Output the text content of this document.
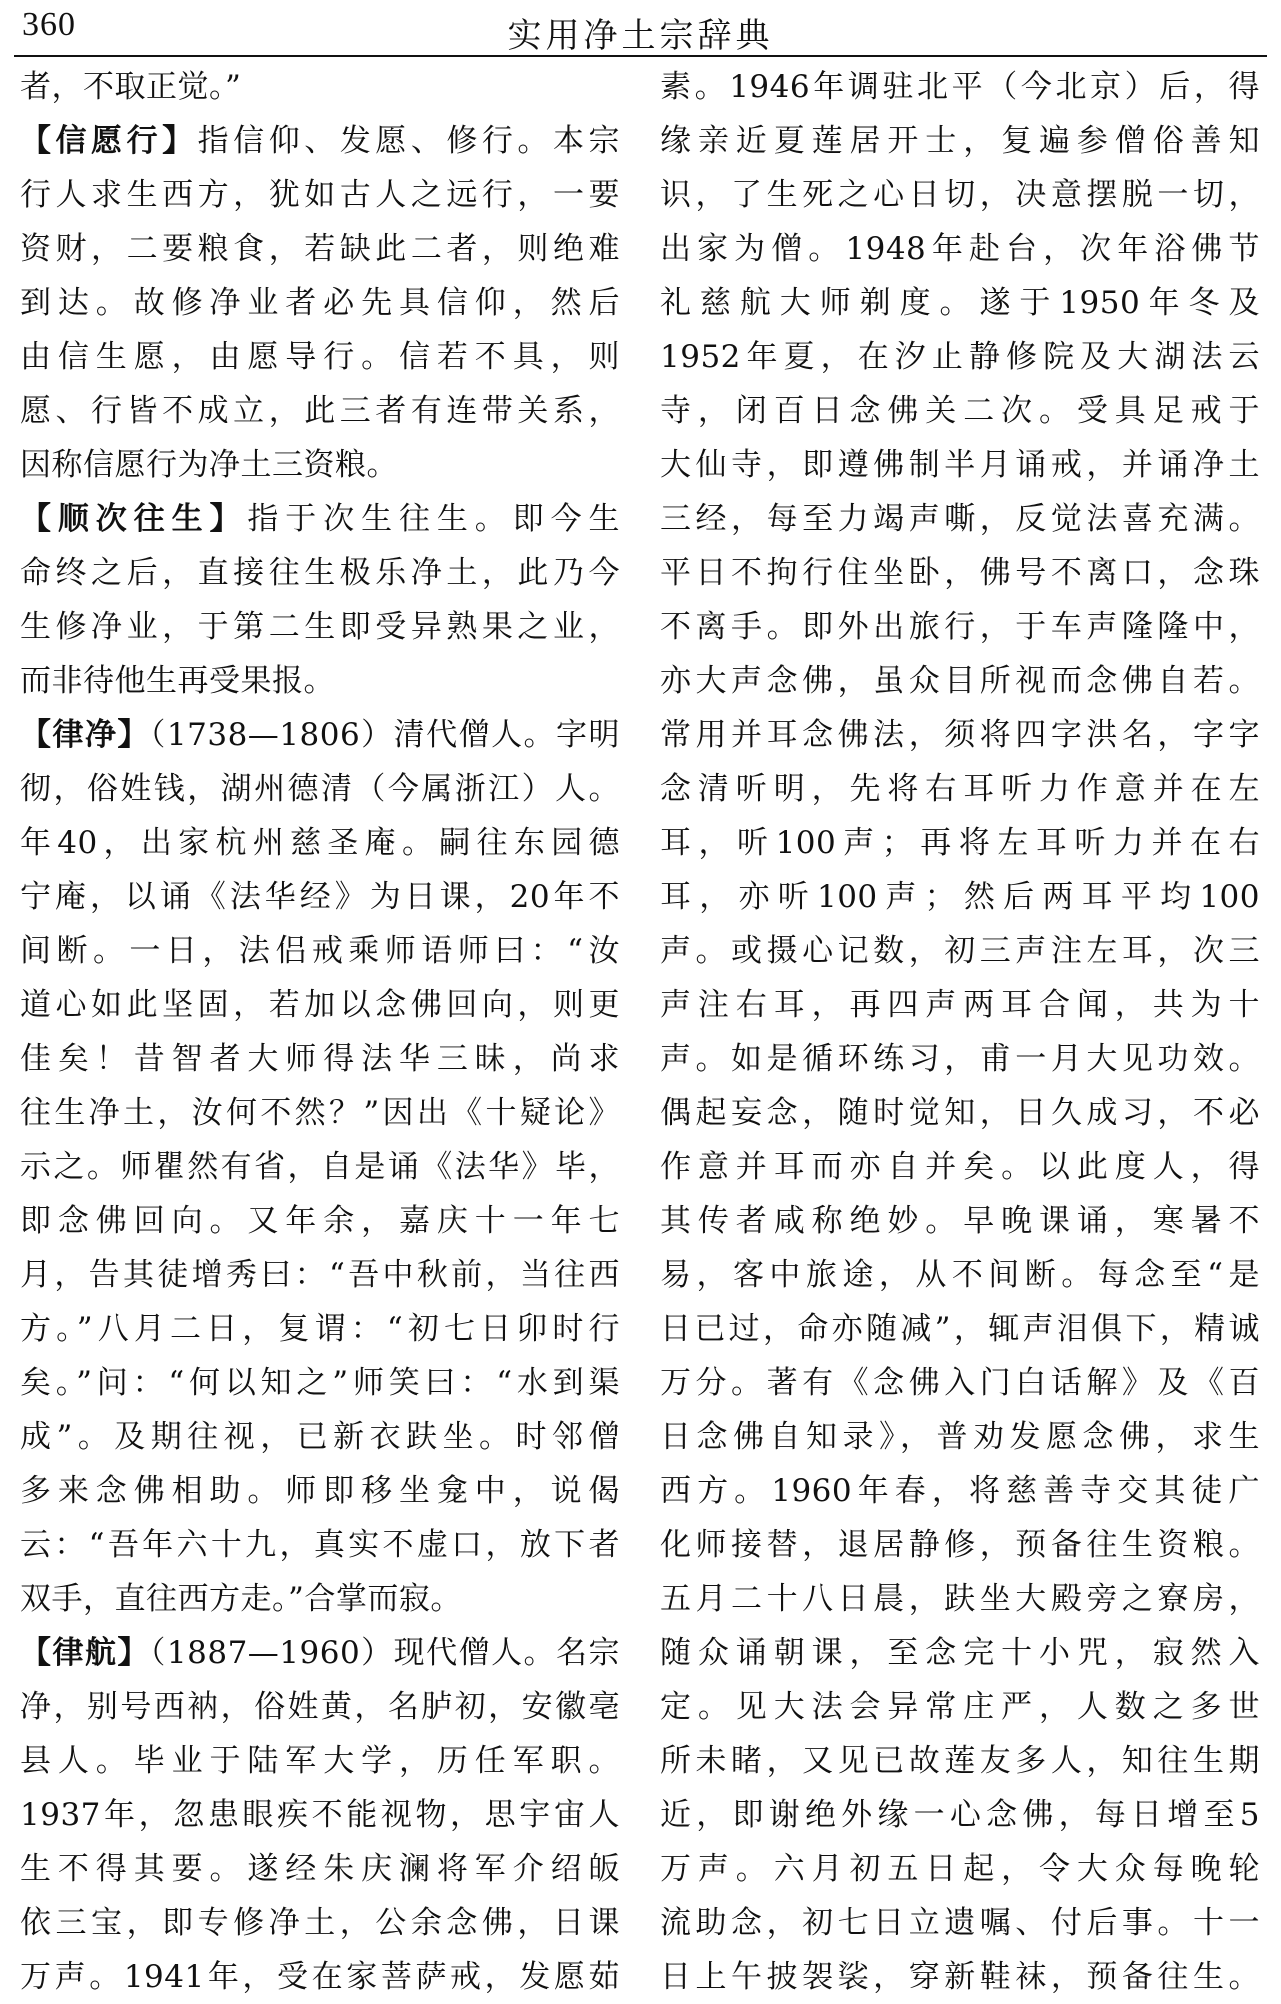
360	实用净土宗辞典
者，不取正觉。”
【信愿行】指信仰、发愿、修行。本宗
行人求生西方，犹如古人之远行，一要
资财，二要粮食，若缺此二者，则绝难
到达。故修净业者必先具信仰，然后
由信生愿，由愿导行。信若不具，则
愿、行皆不成立，此三者有连带关系，
因称信愿行为净土三资粮。
【顺次往生】指于次生往生。即今生
命终之后，直接往生极乐净土，此乃今
生修净业，于第二生即受异熟果之业，
而非待他生再受果报。
【律净】（1738—1806）清代僧人。字明
彻，俗姓钱，湖州德清（今属浙江）人。
年40，出家杭州慈圣庵。嗣往东园德
宁庵，以诵《法华经》为日课，20年不
间断。一日，法侣戒乘师语师曰：“汝
道心如此坚固，若加以念佛回向，则更
佳矣！昔智者大师得法华三昧，尚求
往生净土，汝何不然？”因出《十疑论》
示之。师瞿然有省，自是诵《法华》毕，
即念佛回向。又年余，嘉庆十一年七
月，告其徒增秀曰：“吾中秋前，当往西
方。”八月二日，复谓：“初七日卯时行
矣。”问：“何以知之”师笑曰：“水到渠
成”。及期往视，已新衣趺坐。时邻僧
多来念佛相助。师即移坐龛中，说偈
云：“吾年六十九，真实不虚口，放下者
双手，直往西方走。”合掌而寂。
【律航】（1887—1960）现代僧人。名宗
净，别号西衲，俗姓黄，名胪初，安徽亳
县人。毕业于陆军大学，历任军职。
1937年，忽患眼疾不能视物，思宇宙人
生不得其要。遂经朱庆澜将军介绍皈
依三宝，即专修净土，公余念佛，日课
万声。1941年，受在家菩萨戒，发愿茹
素。1946年调驻北平（今北京）后，得
缘亲近夏莲居开士，复遍参僧俗善知
识，了生死之心日切，决意摆脱一切，
出家为僧。1948年赴台，次年浴佛节
礼慈航大师剃度。遂于1950年冬及
1952年夏，在汐止静修院及大湖法云
寺，闭百日念佛关二次。受具足戒于
大仙寺，即遵佛制半月诵戒，并诵净土
三经，每至力竭声嘶，反觉法喜充满。
平日不拘行住坐卧，佛号不离口，念珠
不离手。即外出旅行，于车声隆隆中，
亦大声念佛，虽众目所视而念佛自若。
常用并耳念佛法，须将四字洪名，字字
念清听明，先将右耳听力作意并在左
耳，听100声；再将左耳听力并在右
耳，亦听100声；然后两耳平均100
声。或摄心记数，初三声注左耳，次三
声注右耳，再四声两耳合闻，共为十
声。如是循环练习，甫一月大见功效。
偶起妄念，随时觉知，日久成习，不必
作意并耳而亦自并矣。以此度人，得
其传者咸称绝妙。早晚课诵，寒暑不
易，客中旅途，从不间断。每念至“是
日已过，命亦随减”，辄声泪俱下，精诚
万分。著有《念佛入门白话解》及《百
日念佛自知录》，普劝发愿念佛，求生
西方。1960年春，将慈善寺交其徒广
化师接替，退居静修，预备往生资粮。
五月二十八日晨，趺坐大殿旁之寮房，
随众诵朝课，至念完十小咒，寂然入
定。见大法会异常庄严，人数之多世
所未睹，又见已故莲友多人，知往生期
近，即谢绝外缘一心念佛，每日增至5
万声。六月初五日起，令大众每晚轮
流助念，初七日立遗嘱、付后事。十一
日上午披袈裟，穿新鞋袜，预备往生。
